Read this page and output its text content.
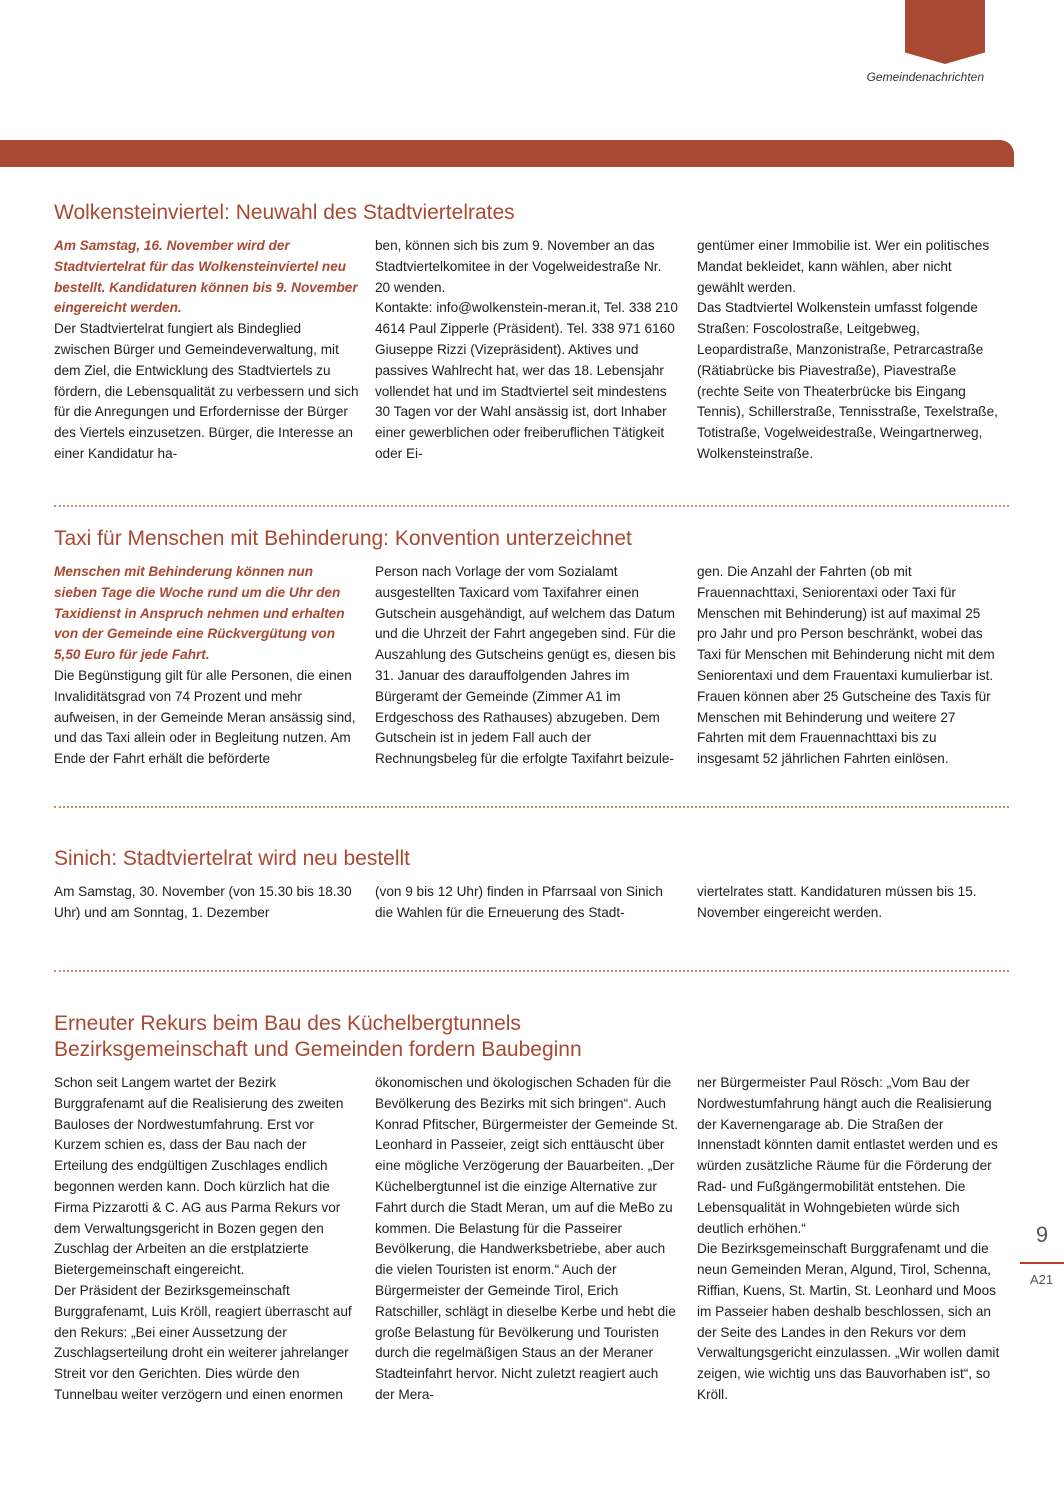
Gemeindenachrichten
Wolkensteinviertel: Neuwahl des Stadtviertelrates
Am Samstag, 16. November wird der Stadtviertelrat für das Wolkensteinviertel neu bestellt. Kandidaturen können bis 9. November eingereicht werden.
Der Stadtviertelrat fungiert als Bindeglied zwischen Bürger und Gemeindeverwaltung, mit dem Ziel, die Entwicklung des Stadtviertels zu fördern, die Lebensqualität zu verbessern und sich für die Anregungen und Erfordernisse der Bürger des Viertels einzusetzen. Bürger, die Interesse an einer Kandidatur ha-
ben, können sich bis zum 9. November an das Stadtviertelkomitee in der Vogelweidestraße Nr. 20 wenden.
Kontakte: info@wolkenstein-meran.it, Tel. 338 210 4614 Paul Zipperle (Präsident). Tel. 338 971 6160 Giuseppe Rizzi (Vizepräsident). Aktives und passives Wahlrecht hat, wer das 18. Lebensjahr vollendet hat und im Stadtviertel seit mindestens 30 Tagen vor der Wahl ansässig ist, dort Inhaber einer gewerblichen oder freiberuflichen Tätigkeit oder Ei-
gentümer einer Immobilie ist. Wer ein politisches Mandat bekleidet, kann wählen, aber nicht gewählt werden.
Das Stadtviertel Wolkenstein umfasst folgende Straßen: Foscolostraße, Leitgebweg, Leopardistraße, Manzonistraße, Petrarcastraße (Rätiabrücke bis Piavestraße), Piavestraße (rechte Seite von Theaterbrücke bis Eingang Tennis), Schillerstraße, Tennisstraße, Texelstraße, Totistraße, Vogelweidestraße, Weingartnerweg, Wolkensteinstraße.
Taxi für Menschen mit Behinderung: Konvention unterzeichnet
Menschen mit Behinderung können nun sieben Tage die Woche rund um die Uhr den Taxidienst in Anspruch nehmen und erhalten von der Gemeinde eine Rückvergütung von 5,50 Euro für jede Fahrt.
Die Begünstigung gilt für alle Personen, die einen Invaliditätsgrad von 74 Prozent und mehr aufweisen, in der Gemeinde Meran ansässig sind, und das Taxi allein oder in Begleitung nutzen. Am Ende der Fahrt erhält die beförderte
Person nach Vorlage der vom Sozialamt ausgestellten Taxicard vom Taxifahrer einen Gutschein ausgehändigt, auf welchem das Datum und die Uhrzeit der Fahrt angegeben sind. Für die Auszahlung des Gutscheins genügt es, diesen bis 31. Januar des darauffolgenden Jahres im Bürgeramt der Gemeinde (Zimmer A1 im Erdgeschoss des Rathauses) abzugeben. Dem Gutschein ist in jedem Fall auch der Rechnungsbeleg für die erfolgte Taxifahrt beizule-
gen. Die Anzahl der Fahrten (ob mit Frauennachttaxi, Seniorentaxi oder Taxi für Menschen mit Behinderung) ist auf maximal 25 pro Jahr und pro Person beschränkt, wobei das Taxi für Menschen mit Behinderung nicht mit dem Seniorentaxi und dem Frauentaxi kumulierbar ist. Frauen können aber 25 Gutscheine des Taxis für Menschen mit Behinderung und weitere 27 Fahrten mit dem Frauennachttaxi bis zu insgesamt 52 jährlichen Fahrten einlösen.
Sinich: Stadtviertelrat wird neu bestellt
Am Samstag, 30. November (von 15.30 bis 18.30 Uhr) und am Sonntag, 1. Dezember
(von 9 bis 12 Uhr) finden in Pfarrsaal von Sinich die Wahlen für die Erneuerung des Stadt-
viertelrates statt. Kandidaturen müssen bis 15. November eingereicht werden.
Erneuter Rekurs beim Bau des Küchelbergtunnels
Bezirksgemeinschaft und Gemeinden fordern Baubeginn
Schon seit Langem wartet der Bezirk Burggrafenamt auf die Realisierung des zweiten Bauloses der Nordwestumfahrung. Erst vor Kurzem schien es, dass der Bau nach der Erteilung des endgültigen Zuschlages endlich begonnen werden kann. Doch kürzlich hat die Firma Pizzarotti & C. AG aus Parma Rekurs vor dem Verwaltungsgericht in Bozen gegen den Zuschlag der Arbeiten an die erstplatzierte Bietergemeinschaft eingereicht.
Der Präsident der Bezirksgemeinschaft Burggrafenamt, Luis Kröll, reagiert überrascht auf den Rekurs: „Bei einer Aussetzung der Zuschlagserteilung droht ein weiterer jahrelanger Streit vor den Gerichten. Dies würde den Tunnelbau weiter verzögern und einen enormen
ökonomischen und ökologischen Schaden für die Bevölkerung des Bezirks mit sich bringen“. Auch Konrad Pfitscher, Bürgermeister der Gemeinde St. Leonhard in Passeier, zeigt sich enttäuscht über eine mögliche Verzögerung der Bauarbeiten. „Der Küchelbergtunnel ist die einzige Alternative zur Fahrt durch die Stadt Meran, um auf die MeBo zu kommen. Die Belastung für die Passeirer Bevölkerung, die Handwerksbetriebe, aber auch die vielen Touristen ist enorm.“ Auch der Bürgermeister der Gemeinde Tirol, Erich Ratschiller, schlägt in dieselbe Kerbe und hebt die große Belastung für Bevölkerung und Touristen durch die regelmäßigen Staus an der Meraner Stadteinfahrt hervor. Nicht zuletzt reagiert auch der Mera-
ner Bürgermeister Paul Rösch: „Vom Bau der Nordwestumfahrung hängt auch die Realisierung der Kavernengarage ab. Die Straßen der Innenstadt könnten damit entlastet werden und es würden zusätzliche Räume für die Förderung der Rad- und Fußgängermobilität entstehen. Die Lebensqualität in Wohngebieten würde sich deutlich erhöhen.“
Die Bezirksgemeinschaft Burggrafenamt und die neun Gemeinden Meran, Algund, Tirol, Schenna, Riffian, Kuens, St. Martin, St. Leonhard und Moos im Passeier haben deshalb beschlossen, sich an der Seite des Landes in den Rekurs vor dem Verwaltungsgericht einzulassen. „Wir wollen damit zeigen, wie wichtig uns das Bauvorhaben ist“, so Kröll.
9
A21
